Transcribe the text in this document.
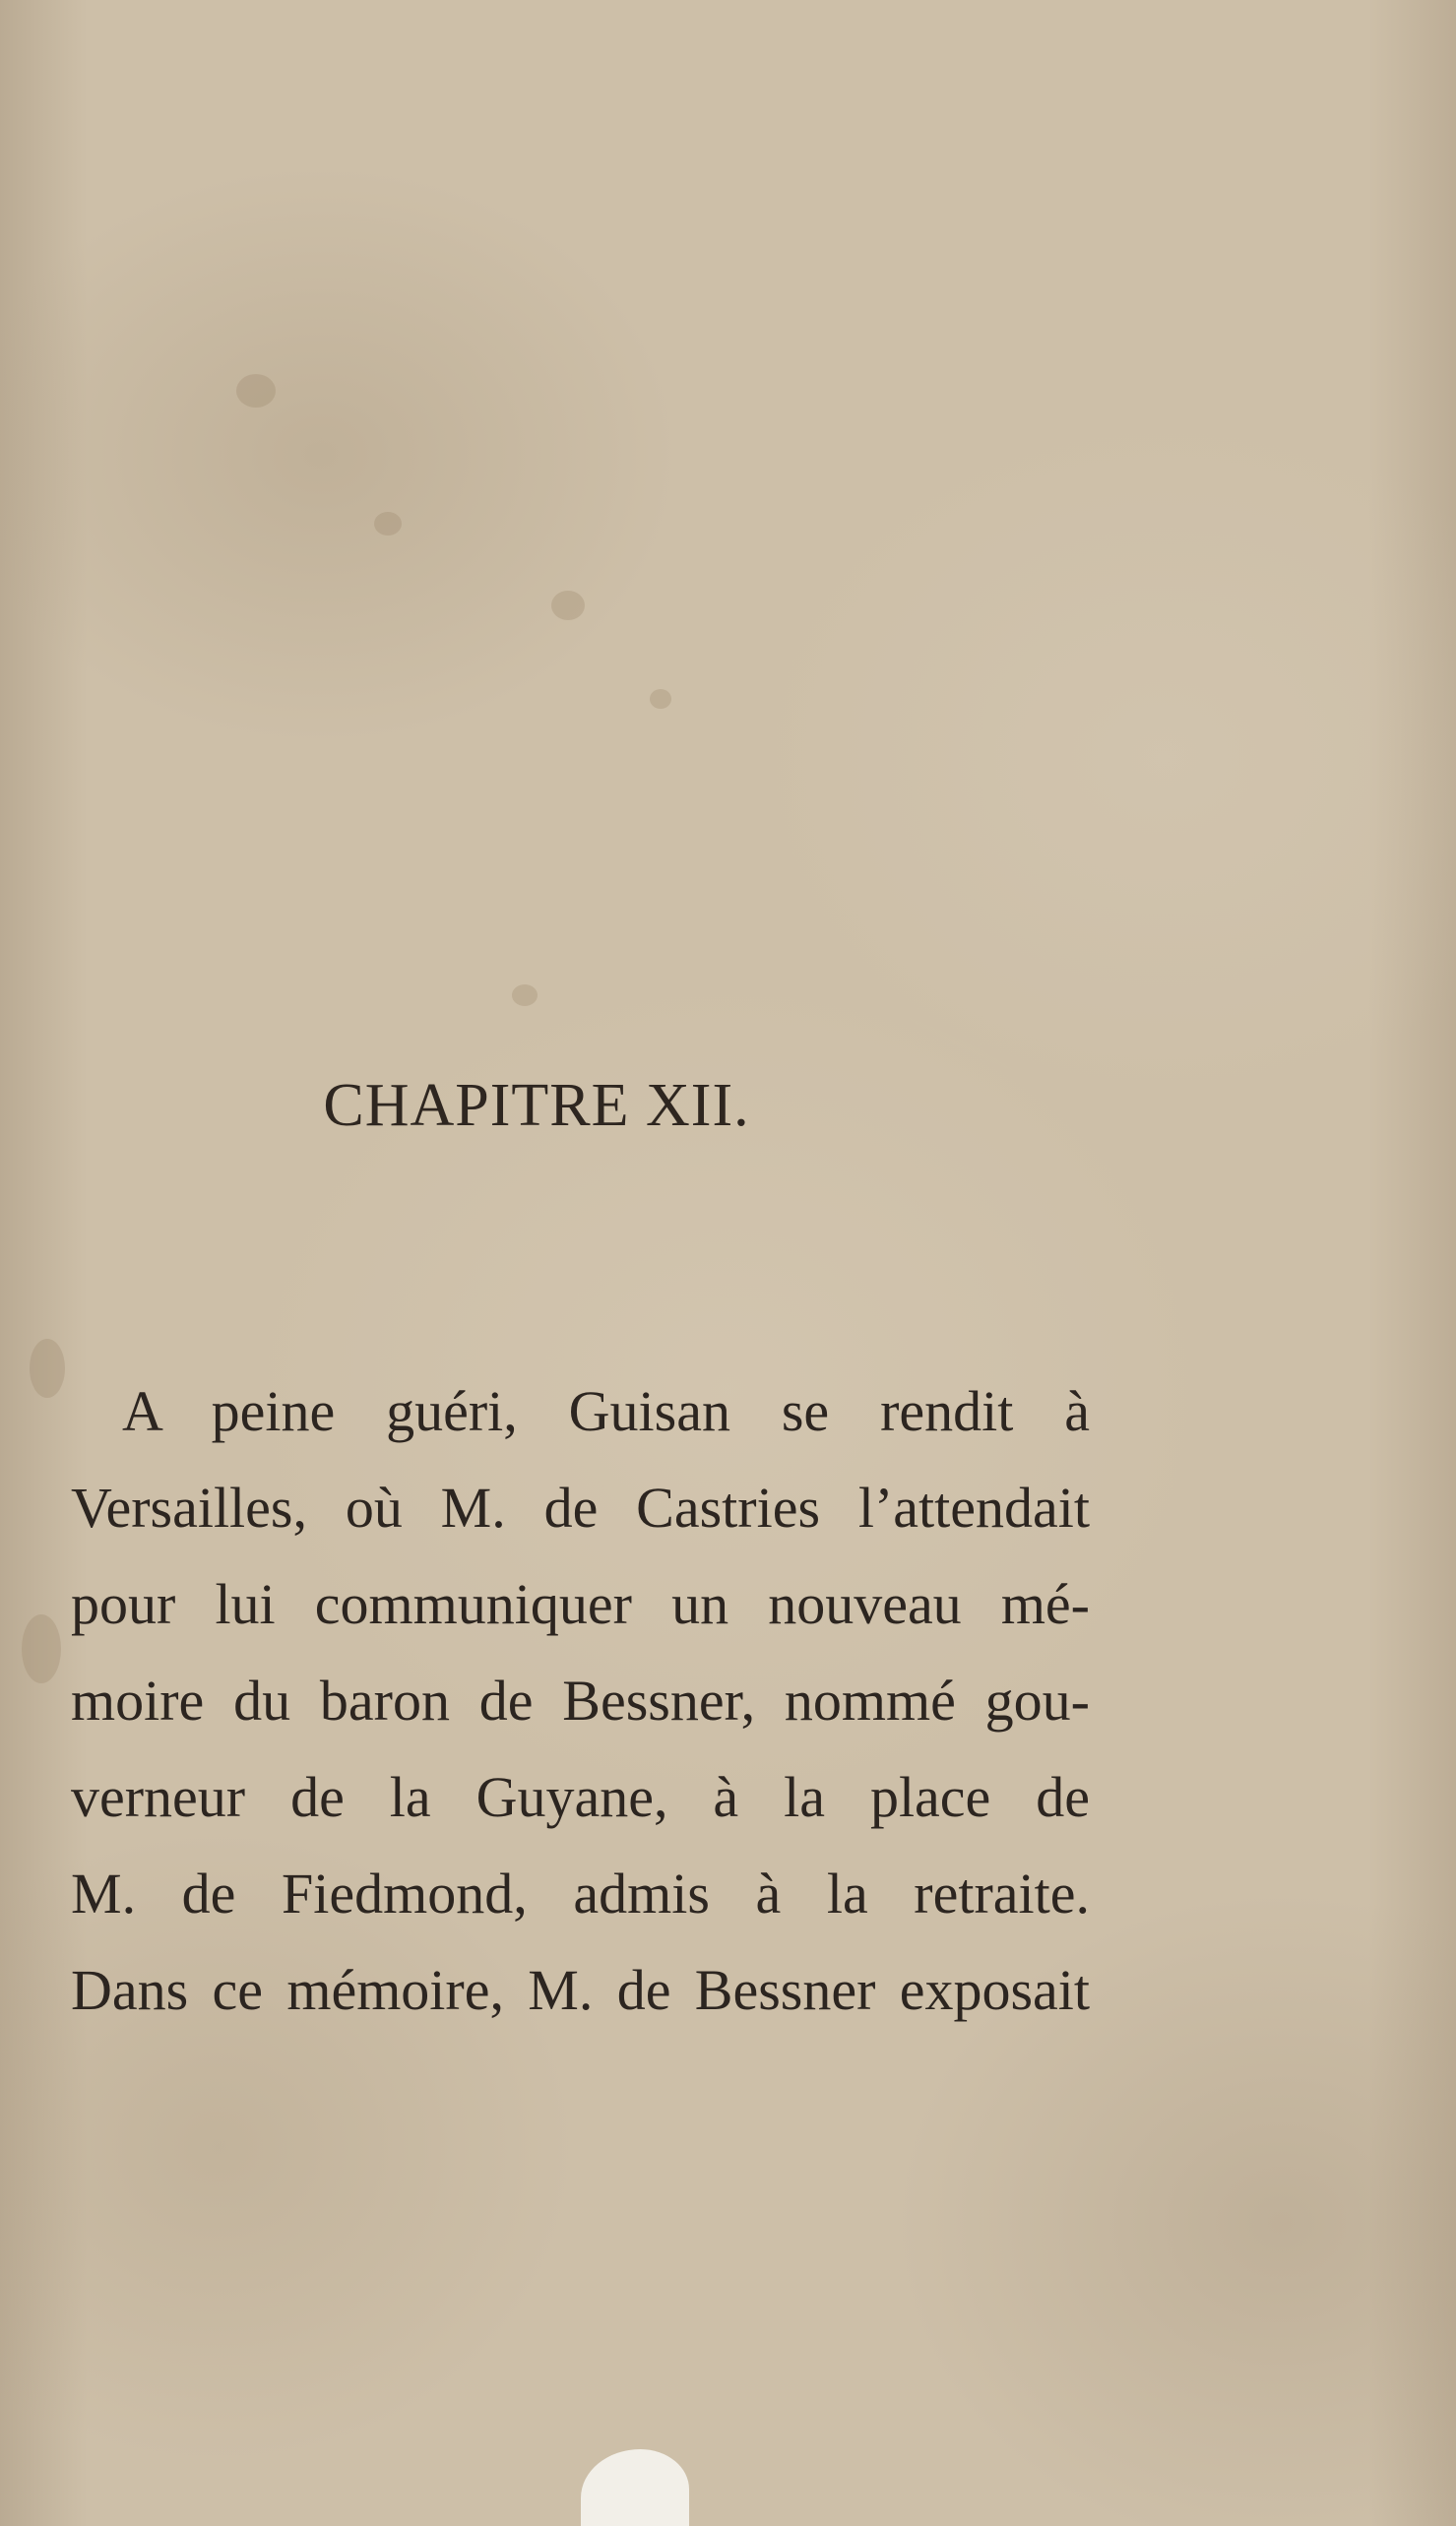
CHAPITRE XII.
A peine guéri, Guisan se rendit à
Versailles, où M. de Castries l’attendait
pour lui communiquer un nouveau mé-
moire du baron de Bessner, nommé gou-
verneur de la Guyane, à la place de
M. de Fiedmond, admis à la retraite.
Dans ce mémoire, M. de Bessner exposait
